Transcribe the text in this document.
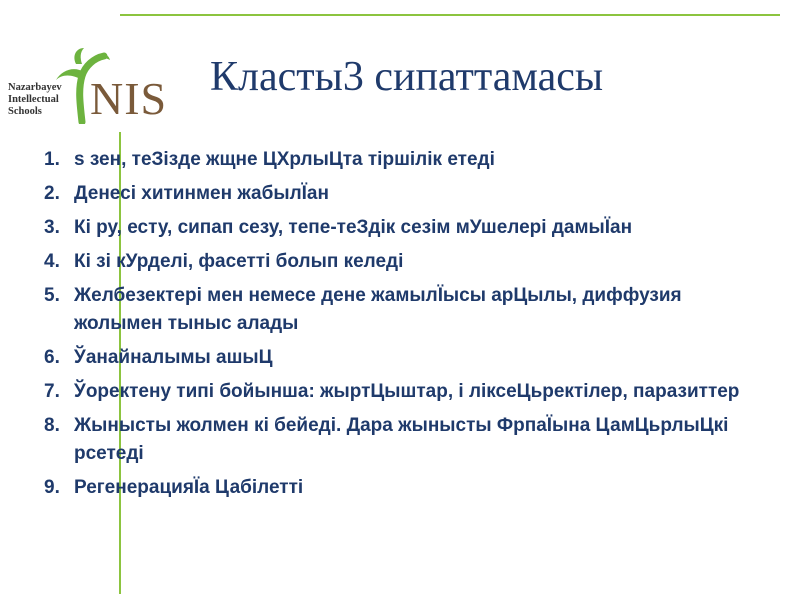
Nazarbayev
Intellectual
Schools	NIS Класты3 сипаттамасы
1. s зен, теЗізде жщне ЦХрлыЦта тіршілік етеді
2. Денесі хитинмен жабылЇан
3. Кі ру, есту, сипап сезу, тепе-теЗдік сезім мУшелері дамыЇан
4. Кі зі кУрделі, фасетті болып келеді
5. Желбезектері мен немесе дене жамылЇысы арЦылы, диффузия жолымен тыныс алады
6. Ўанайналымы ашыЦ
7. Ўоректену типі бойынша: жыртЦыштар, і ліксеЦьректілер, паразиттер
8. Жынысты жолмен кі бейеді. Дара жынысты ФрпаЇына ЦамЦьрлыЦкі рсетеді
9. РегенерацияЇа Цабілетті
